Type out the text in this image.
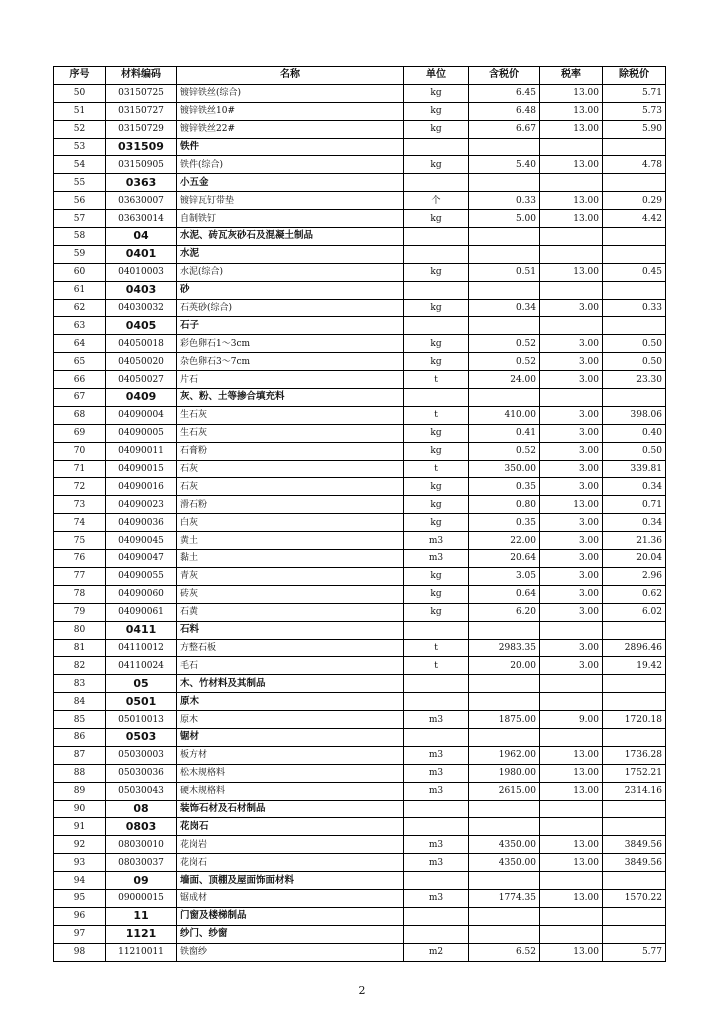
序号	材料编码	名称	单位	含税价	税率	除税价
50	03150725	镀锌铁丝(综合)	kg	6.45	13.00	5.71
51	03150727	镀锌铁丝10#	kg	6.48	13.00	5.73
52	03150729	镀锌铁丝22#	kg	6.67	13.00	5.90
53	031509	铁件				
54	03150905	铁件(综合)	kg	5.40	13.00	4.78
55	0363	小五金				
56	03630007	镀锌瓦钉带垫	个	0.33	13.00	0.29
57	03630014	自制铁钉	kg	5.00	13.00	4.42
58	04	水泥、砖瓦灰砂石及混凝土制品				
59	0401	水泥				
60	04010003	水泥(综合)	kg	0.51	13.00	0.45
61	0403	砂				
62	04030032	石英砂(综合)	kg	0.34	3.00	0.33
63	0405	石子				
64	04050018	彩色卵石1～3cm	kg	0.52	3.00	0.50
65	04050020	杂色卵石3～7cm	kg	0.52	3.00	0.50
66	04050027	片石	t	24.00	3.00	23.30
67	0409	灰、粉、土等掺合填充料				
68	04090004	生石灰	t	410.00	3.00	398.06
69	04090005	生石灰	kg	0.41	3.00	0.40
70	04090011	石膏粉	kg	0.52	3.00	0.50
71	04090015	石灰	t	350.00	3.00	339.81
72	04090016	石灰	kg	0.35	3.00	0.34
73	04090023	滑石粉	kg	0.80	13.00	0.71
74	04090036	白灰	kg	0.35	3.00	0.34
75	04090045	黄土	m3	22.00	3.00	21.36
76	04090047	黏土	m3	20.64	3.00	20.04
77	04090055	青灰	kg	3.05	3.00	2.96
78	04090060	砖灰	kg	0.64	3.00	0.62
79	04090061	石黄	kg	6.20	3.00	6.02
80	0411	石料				
81	04110012	方整石板	t	2983.35	3.00	2896.46
82	04110024	毛石	t	20.00	3.00	19.42
83	05	木、竹材料及其制品				
84	0501	原木				
85	05010013	原木	m3	1875.00	9.00	1720.18
86	0503	锯材				
87	05030003	板方材	m3	1962.00	13.00	1736.28
88	05030036	松木规格料	m3	1980.00	13.00	1752.21
89	05030043	硬木规格料	m3	2615.00	13.00	2314.16
90	08	装饰石材及石材制品				
91	0803	花岗石				
92	08030010	花岗岩	m3	4350.00	13.00	3849.56
93	08030037	花岗石	m3	4350.00	13.00	3849.56
94	09	墙面、顶棚及屋面饰面材料				
95	09000015	锯成材	m3	1774.35	13.00	1570.22
96	11	门窗及楼梯制品				
97	1121	纱门、纱窗				
98	11210011	铁窗纱	m2	6.52	13.00	5.77
2
